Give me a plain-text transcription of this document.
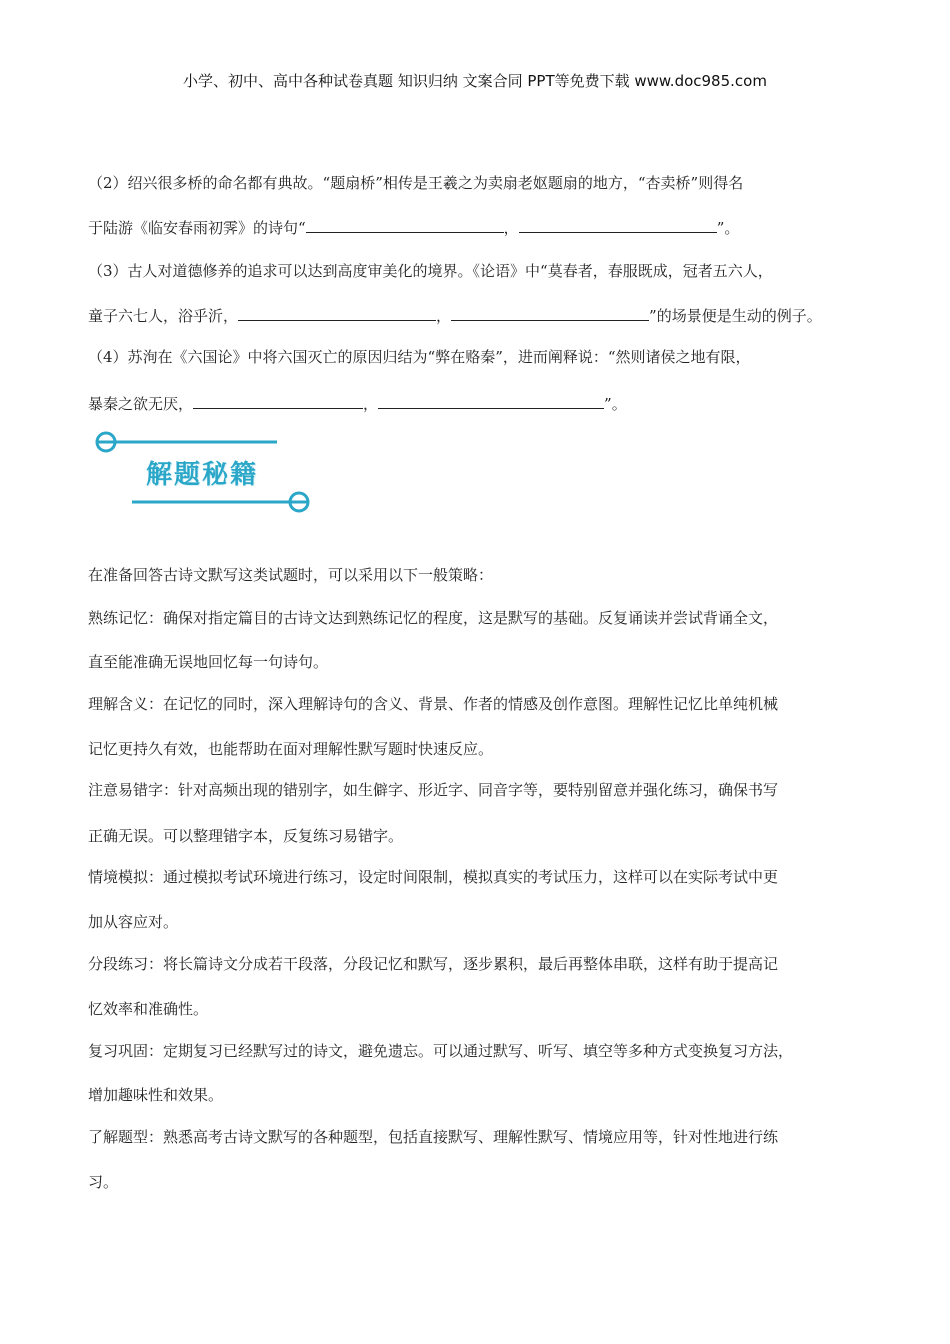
小学、初中、高中各种试卷真题 知识归纳 文案合同 PPT等免费下载 www.doc985.com
（2）绍兴很多桥的命名都有典故。“题扇桥”相传是王羲之为卖扇老妪题扇的地方，“杏卖桥”则得名
于陆游《临安春雨初霁》的诗句“	，	”。
（3）古人对道德修养的追求可以达到高度审美化的境界。《论语》中“莫春者，春服既成，冠者五六人，
童子六七人，浴乎沂，	，	”的场景便是生动的例子。
（4）苏洵在《六国论》中将六国灭亡的原因归结为“弊在赂秦”，进而阐释说：“然则诸侯之地有限，
暴秦之欲无厌，	，	”。
解题秘籍
在准备回答古诗文默写这类试题时，可以采用以下一般策略：
熟练记忆：确保对指定篇目的古诗文达到熟练记忆的程度，这是默写的基础。反复诵读并尝试背诵全文，
直至能准确无误地回忆每一句诗句。
理解含义：在记忆的同时，深入理解诗句的含义、背景、作者的情感及创作意图。理解性记忆比单纯机械
记忆更持久有效，也能帮助在面对理解性默写题时快速反应。
注意易错字：针对高频出现的错别字，如生僻字、形近字、同音字等，要特别留意并强化练习，确保书写
正确无误。可以整理错字本，反复练习易错字。
情境模拟：通过模拟考试环境进行练习，设定时间限制，模拟真实的考试压力，这样可以在实际考试中更
加从容应对。
分段练习：将长篇诗文分成若干段落，分段记忆和默写，逐步累积，最后再整体串联，这样有助于提高记
忆效率和准确性。
复习巩固：定期复习已经默写过的诗文，避免遗忘。可以通过默写、听写、填空等多种方式变换复习方法，
增加趣味性和效果。
了解题型：熟悉高考古诗文默写的各种题型，包括直接默写、理解性默写、情境应用等，针对性地进行练
习。
